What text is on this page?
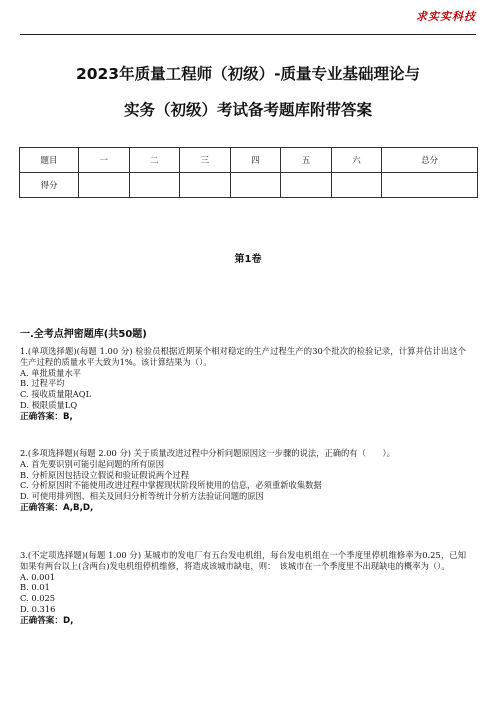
求实实科技
2023年质量工程师（初级）-质量专业基础理论与
实务（初级）考试备考题库附带答案
题目	一	二	三	四	五	六	总分
得分							
第1卷
一.全考点押密题库(共50题)

1.(单项选择题)(每题 1.00 分) 检验员根据近期某个相对稳定的生产过程生产的30个批次的检验记录，计算并估计出这个生产过程的质量水平大致为1%。该计算结果为（）。

A. 单批质量水平

B. 过程平均

C. 接收质量限AQL

D. 极限质量LQ

正确答案：B,

2.(多项选择题)(每题 2.00 分) 关于质量改进过程中分析问题原因这一步骤的说法，正确的有（　　）。

A. 首先要识别可能引起问题的所有原因

B. 分析原因包括设立假说和验证假说两个过程

C. 分析原因时不能使用改进过程中掌握现状阶段所使用的信息，必须重新收集数据

D. 可使用排列图、相关及回归分析等统计分析方法验证问题的原因

正确答案：A,B,D,

3.(不定项选择题)(每题 1.00 分) 某城市的发电厂有五台发电机组，每台发电机组在一个季度里停机维修率为0.25，已知如果有两台以上(含两台)发电机组停机维修，将造成该城市缺电，则：　该城市在一个季度里不出现缺电的概率为（）。

A. 0.001

B. 0.01

C. 0.025

D. 0.316

正确答案：D,
